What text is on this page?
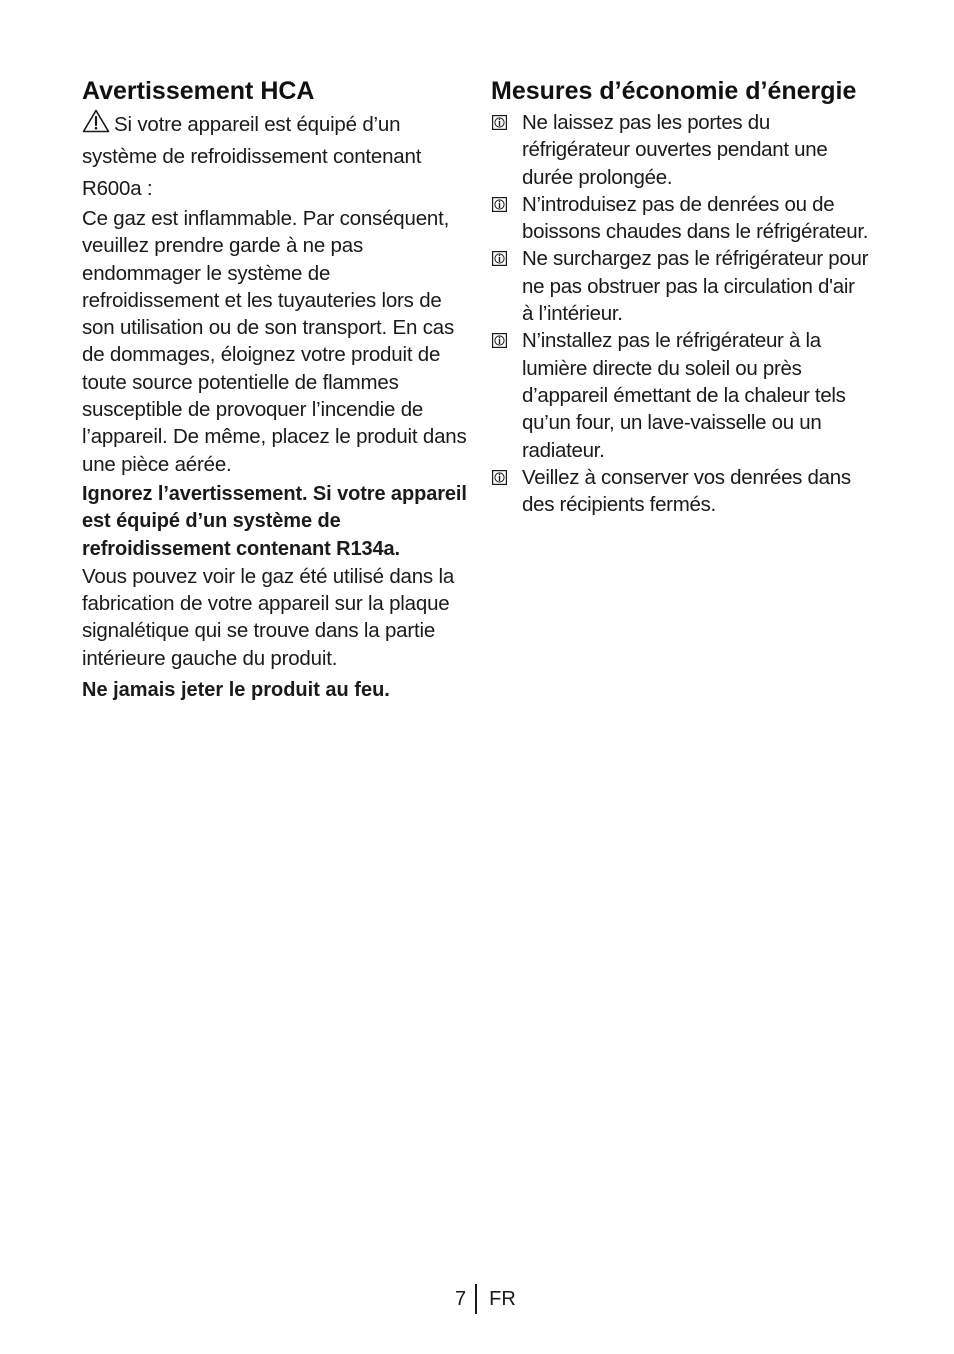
Avertissement HCA

Si votre appareil est équipé d’un
système de refroidissement contenant
R600a :

Ce gaz est inflammable. Par conséquent, veuillez prendre garde à ne pas endommager le système de refroidissement et les tuyauteries lors de son utilisation ou de son transport. En cas de dommages, éloignez votre produit de toute source potentielle de flammes susceptible de provoquer l’incendie de l’appareil. De même, placez le produit dans une pièce aérée.

Ignorez l’avertissement. Si votre appareil est équipé d’un système de refroidissement contenant R134a.

Vous pouvez voir le gaz été utilisé dans la fabrication de votre appareil sur la plaque signalétique qui se trouve dans la partie intérieure gauche du produit.

Ne jamais jeter le produit au feu.

Mesures d’économie d’énergie
Ne laissez pas les portes du réfrigérateur ouvertes pendant une durée prolongée.
N’introduisez pas de denrées ou de boissons chaudes dans le réfrigérateur.
Ne surchargez pas le réfrigérateur pour ne pas obstruer pas la circulation d'air à l’intérieur.
N’installez pas le réfrigérateur à la lumière directe du soleil ou près d’appareil émettant de la chaleur tels qu’un four, un lave-vaisselle ou un radiateur.
Veillez à conserver vos denrées dans des récipients fermés.
7 FR
